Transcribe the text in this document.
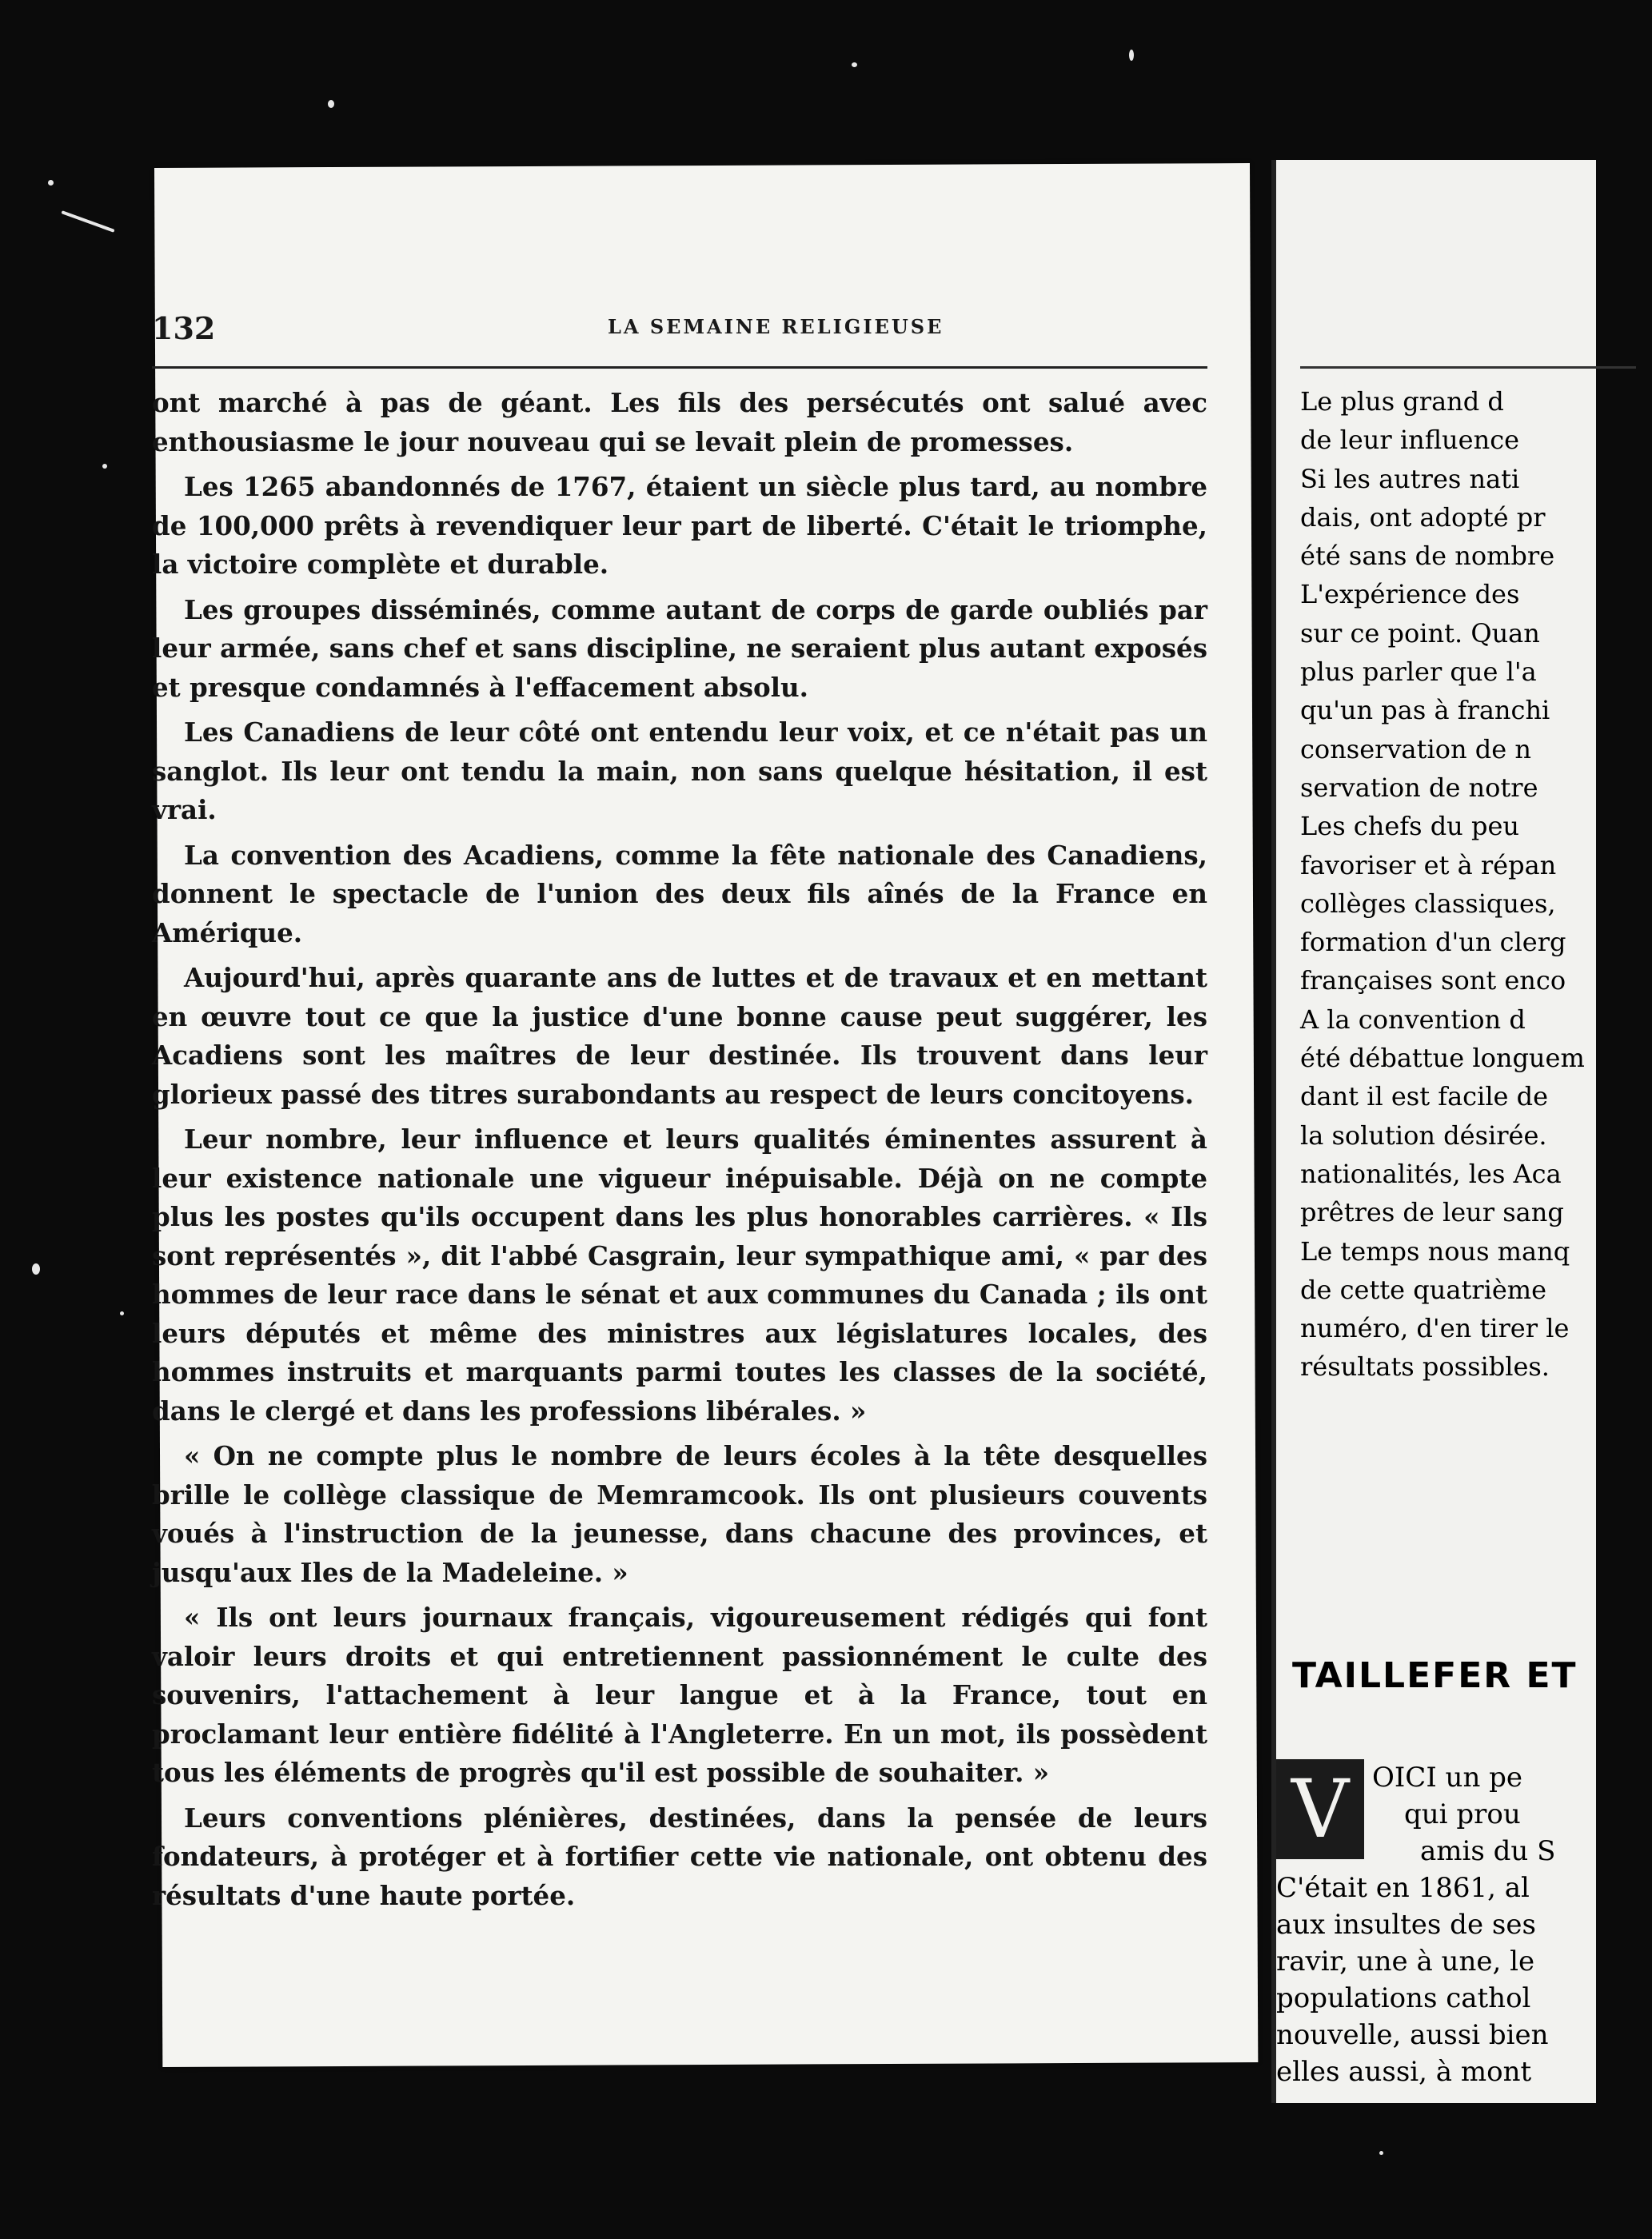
132	LA SEMAINE RELIGIEUSE

ont marché à pas de géant. Les fils des persécutés ont salué avec enthousiasme le jour nouveau qui se levait plein de promesses.

Les 1265 abandonnés de 1767, étaient un siècle plus tard, au nombre de 100,000 prêts à revendiquer leur part de liberté. C'était le triomphe, la victoire complète et durable.

Les groupes disséminés, comme autant de corps de garde oubliés par leur armée, sans chef et sans discipline, ne seraient plus autant exposés et presque condamnés à l'effacement absolu.

Les Canadiens de leur côté ont entendu leur voix, et ce n'était pas un sanglot. Ils leur ont tendu la main, non sans quelque hésitation, il est vrai.

La convention des Acadiens, comme la fête nationale des Canadiens, donnent le spectacle de l'union des deux fils aînés de la France en Amérique.

Aujourd'hui, après quarante ans de luttes et de travaux et en mettant en œuvre tout ce que la justice d'une bonne cause peut suggérer, les Acadiens sont les maîtres de leur destinée. Ils trouvent dans leur glorieux passé des titres surabondants au respect de leurs concitoyens.

Leur nombre, leur influence et leurs qualités éminentes assurent à leur existence nationale une vigueur inépuisable. Déjà on ne compte plus les postes qu'ils occupent dans les plus honorables carrières. « Ils sont représentés », dit l'abbé Casgrain, leur sympathique ami, « par des hommes de leur race dans le sénat et aux communes du Canada ; ils ont leurs députés et même des ministres aux législatures locales, des hommes instruits et marquants parmi toutes les classes de la société, dans le clergé et dans les professions libérales. »

« On ne compte plus le nombre de leurs écoles à la tête desquelles brille le collège classique de Memramcook. Ils ont plusieurs couvents voués à l'instruction de la jeunesse, dans chacune des provinces, et jusqu'aux Iles de la Madeleine. »

« Ils ont leurs journaux français, vigoureusement rédigés qui font valoir leurs droits et qui entretiennent passionnément le culte des souvenirs, l'attachement à leur langue et à la France, tout en proclamant leur entière fidélité à l'Angleterre. En un mot, ils possèdent tous les éléments de progrès qu'il est possible de souhaiter. »

Leurs conventions plénières, destinées, dans la pensée de leurs fondateurs, à protéger et à fortifier cette vie nationale, ont obtenu des résultats d'une haute portée.

Le plus grand d
de leur influence
Si les autres nati
dais, ont adopté pr
été sans de nombre
L'expérience des
sur ce point. Quan
plus parler que l'a
qu'un pas à franchi
conservation de n
servation de notre
Les chefs du peu
favoriser et à répan
collèges classiques,
formation d'un clerg
françaises sont enco
A la convention d
été débattue longuem
dant il est facile de
la solution désirée.
nationalités, les Aca
prêtres de leur sang
Le temps nous manq
de cette quatrième
numéro, d'en tirer le
résultats possibles.
TAILLEFER ET
V OICI un pe
qui prou
amis du S
C'était en 1861, al
aux insultes de ses
ravir, une à une, le
populations cathol
nouvelle, aussi bien
elles aussi, à mont
